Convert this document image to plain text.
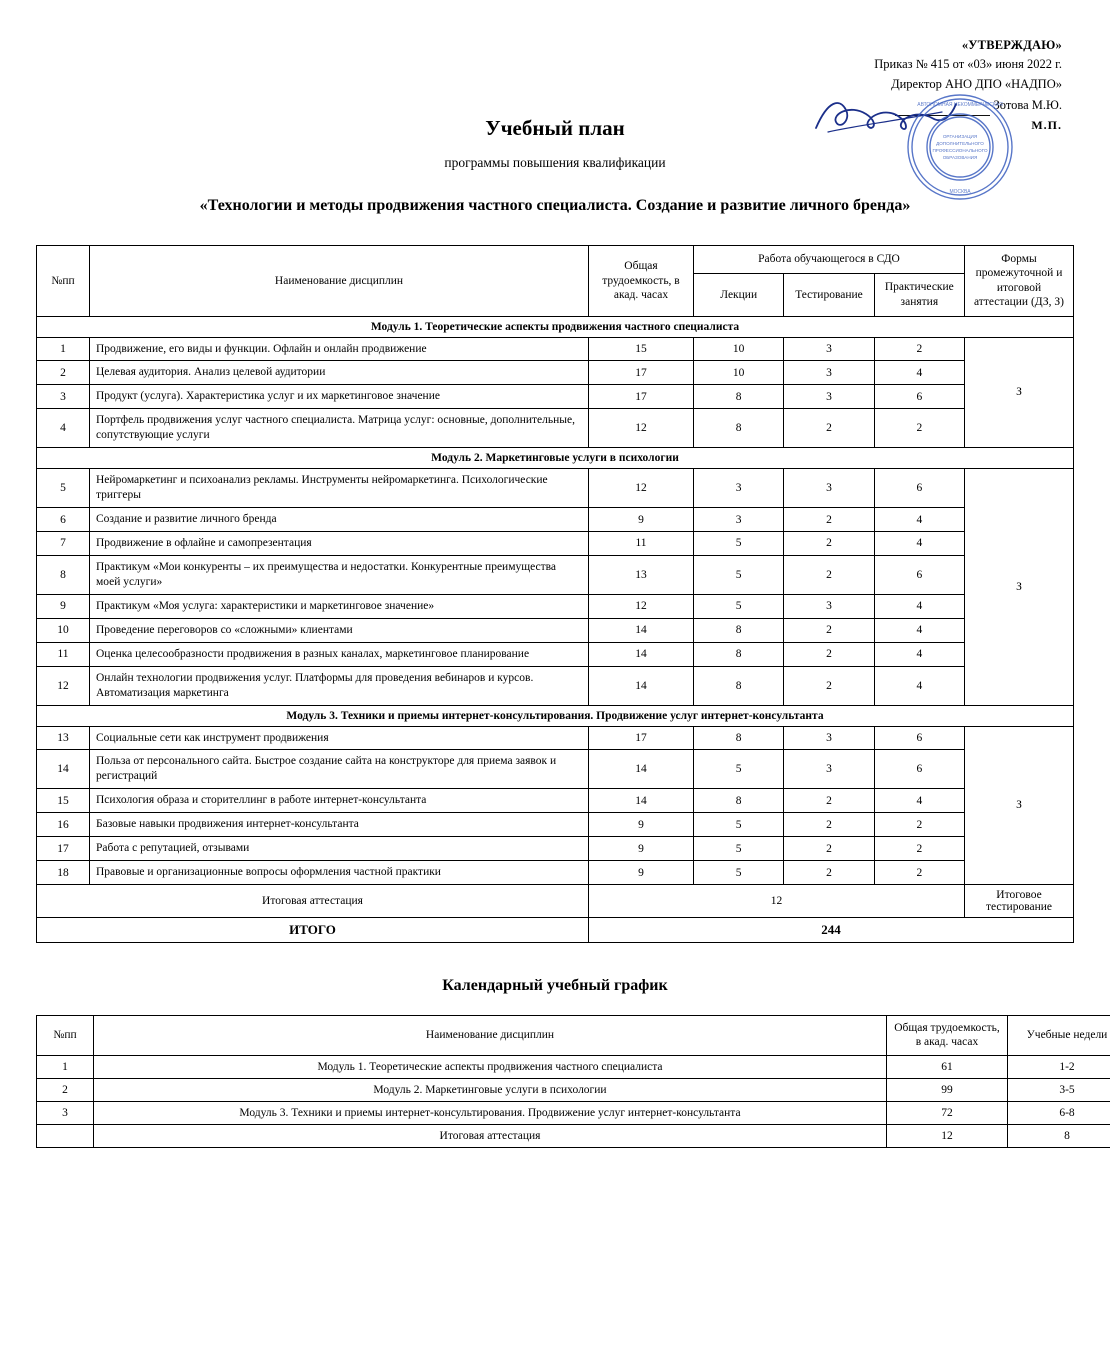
«УТВЕРЖДАЮ»
Приказ № 415 от «03» июня 2022 г.
Директор АНО ДПО «НАДПО»
Зотова М.Ю.
М.П.
АВТОНОМНАЯ НЕКОММЕРЧЕСКАЯ
МОСКВА
ОРГАНИЗАЦИЯ
ДОПОЛНИТЕЛЬНОГО
ПРОФЕССИОНАЛЬНОГО
ОБРАЗОВАНИЯ
Учебный план
программы повышения квалификации
«Технологии и методы продвижения частного специалиста. Создание и развитие личного бренда»
№пп	Наименование дисциплин	Общая трудоемкость, в акад. часах	Работа обучающегося в СДО			Формы промежуточной и итоговой аттестации (ДЗ, З)
			Лекции	Тестирование	Практические занятия	
Модуль 1. Теоретические аспекты продвижения частного специалиста						
1	Продвижение, его виды и функции. Офлайн и онлайн продвижение	15	10	3	2	З
2	Целевая аудитория. Анализ целевой аудитории	17	10	3	4	
3	Продукт (услуга). Характеристика услуг и их маркетинговое значение	17	8	3	6	
4	Портфель продвижения услуг частного специалиста. Матрица услуг: основные, дополнительные, сопутствующие услуги	12	8	2	2	
Модуль 2. Маркетинговые услуги в психологии						
5	Нейромаркетинг и психоанализ рекламы. Инструменты нейромаркетинга. Психологические триггеры	12	3	3	6	З
6	Создание и развитие личного бренда	9	3	2	4	
7	Продвижение в офлайне и самопрезентация	11	5	2	4	
8	Практикум «Мои конкуренты – их преимущества и недостатки. Конкурентные преимущества моей услуги»	13	5	2	6	
9	Практикум «Моя услуга: характеристики и маркетинговое значение»	12	5	3	4	
10	Проведение переговоров со «сложными» клиентами	14	8	2	4	
11	Оценка целесообразности продвижения в разных каналах, маркетинговое планирование	14	8	2	4	
12	Онлайн технологии продвижения услуг. Платформы для проведения вебинаров и курсов. Автоматизация маркетинга	14	8	2	4	
Модуль 3. Техники и приемы интернет-консультирования. Продвижение услуг интернет-консультанта						
13	Социальные сети как инструмент продвижения	17	8	3	6	З
14	Польза от персонального сайта. Быстрое создание сайта на конструкторе для приема заявок и регистраций	14	5	3	6	
15	Психология образа и сторителлинг в работе интернет-консультанта	14	8	2	4	
16	Базовые навыки продвижения интернет-консультанта	9	5	2	2	
17	Работа с репутацией, отзывами	9	5	2	2	
18	Правовые и организационные вопросы оформления частной практики	9	5	2	2	
Итоговая аттестация		12				Итоговое тестирование
ИТОГО		244				
Календарный учебный график
№пп	Наименование дисциплин	Общая трудоемкость, в акад. часах	Учебные недели
1	Модуль 1. Теоретические аспекты продвижения частного специалиста	61	1-2
2	Модуль 2. Маркетинговые услуги в психологии	99	3-5
3	Модуль 3. Техники и приемы интернет-консультирования. Продвижение услуг интернет-консультанта	72	6-8
	Итоговая аттестация	12	8
